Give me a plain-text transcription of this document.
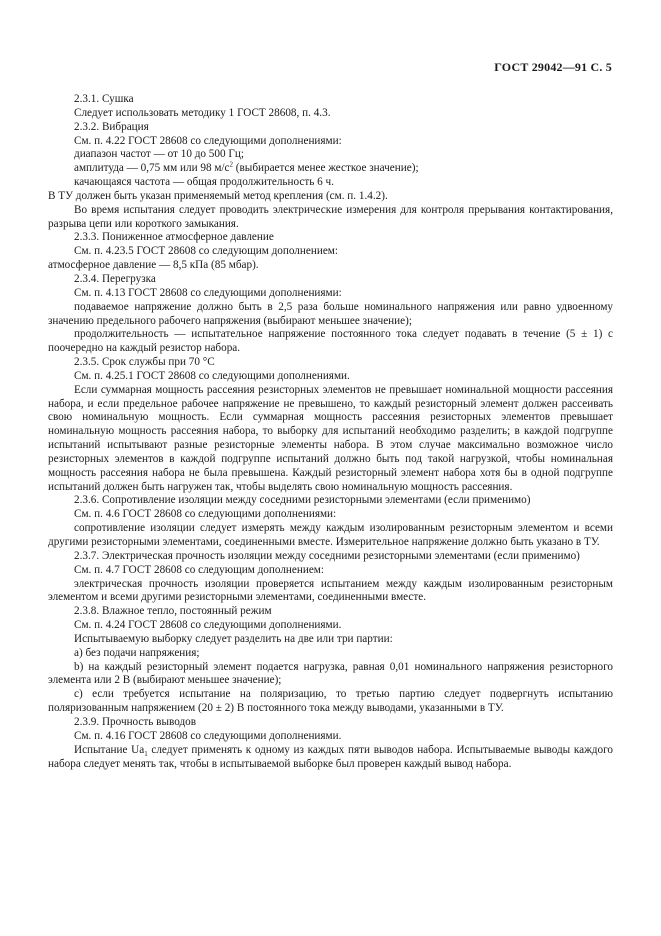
ГОСТ 29042—91 С. 5

2.3.1. Сушка

Следует использовать методику 1 ГОСТ 28608, п. 4.3.

2.3.2. Вибрация

См. п. 4.22 ГОСТ 28608 со следующими дополнениями:

диапазон частот — от 10 до 500 Гц;

амплитуда — 0,75 мм или 98 $м/с^2$ (выбирается менее жесткое значение);

качающаяся частота — общая продолжительность 6 ч.

В ТУ должен быть указан применяемый метод крепления (см. п. 1.4.2).

Во время испытания следует проводить электрические измерения для контроля прерывания контактирования, разрыва цепи или короткого замыкания.

2.3.3. Пониженное атмосферное давление

См. п. 4.23.5 ГОСТ 28608 со следующим дополнением:

атмосферное давление — 8,5 кПа (85 мбар).

2.3.4. Перегрузка

См. п. 4.13 ГОСТ 28608 со следующими дополнениями:

подаваемое напряжение должно быть в 2,5 раза больше номинального напряжения или равно удвоенному значению предельного рабочего напряжения (выбирают меньшее значение);

продолжительность — испытательное напряжение постоянного тока следует подавать в течение (5 ± 1) с поочередно на каждый резистор набора.

2.3.5. Срок службы при 70 °С

См. п. 4.25.1 ГОСТ 28608 со следующими дополнениями.

Если суммарная мощность рассеяния резисторных элементов не превышает номинальной мощности рассеяния набора, и если предельное рабочее напряжение не превышено, то каждый резисторный элемент должен рассеивать свою номинальную мощность. Если суммарная мощность рассеяния резисторных элементов превышает номинальную мощность рассеяния набора, то выборку для испытаний необходимо разделить; в каждой подгруппе испытаний испытывают разные резисторные элементы набора. В этом случае максимально возможное число резисторных элементов в каждой подгруппе испытаний должно быть под такой нагрузкой, чтобы номинальная мощность рассеяния набора не была превышена. Каждый резисторный элемент набора хотя бы в одной подгруппе испытаний должен быть нагружен так, чтобы выделять свою номинальную мощность рассеяния.

2.3.6. Сопротивление изоляции между соседними резисторными элементами (если применимо)

См. п. 4.6 ГОСТ 28608 со следующими дополнениями:

сопротивление изоляции следует измерять между каждым изолированным резисторным элементом и всеми другими резисторными элементами, соединенными вместе. Измерительное напряжение должно быть указано в ТУ.

2.3.7. Электрическая прочность изоляции между соседними резисторными элементами (если применимо)

См. п. 4.7 ГОСТ 28608 со следующим дополнением:

электрическая прочность изоляции проверяется испытанием между каждым изолированным резисторным элементом и всеми другими резисторными элементами, соединенными вместе.

2.3.8. Влажное тепло, постоянный режим

См. п. 4.24 ГОСТ 28608 со следующими дополнениями.

Испытываемую выборку следует разделить на две или три партии:

а) без подачи напряжения;

b) на каждый резисторный элемент подается нагрузка, равная 0,01 номинального напряжения резисторного элемента или 2 В (выбирают меньшее значение);

с) если требуется испытание на поляризацию, то третью партию следует подвергнуть испытанию поляризованным напряжением (20 ± 2) В постоянного тока между выводами, указанными в ТУ.

2.3.9. Прочность выводов

См. п. 4.16 ГОСТ 28608 со следующими дополнениями.

Испытание $Ua_1$ следует применять к одному из каждых пяти выводов набора. Испытываемые выводы каждого набора следует менять так, чтобы в испытываемой выборке был проверен каждый вывод набора.
